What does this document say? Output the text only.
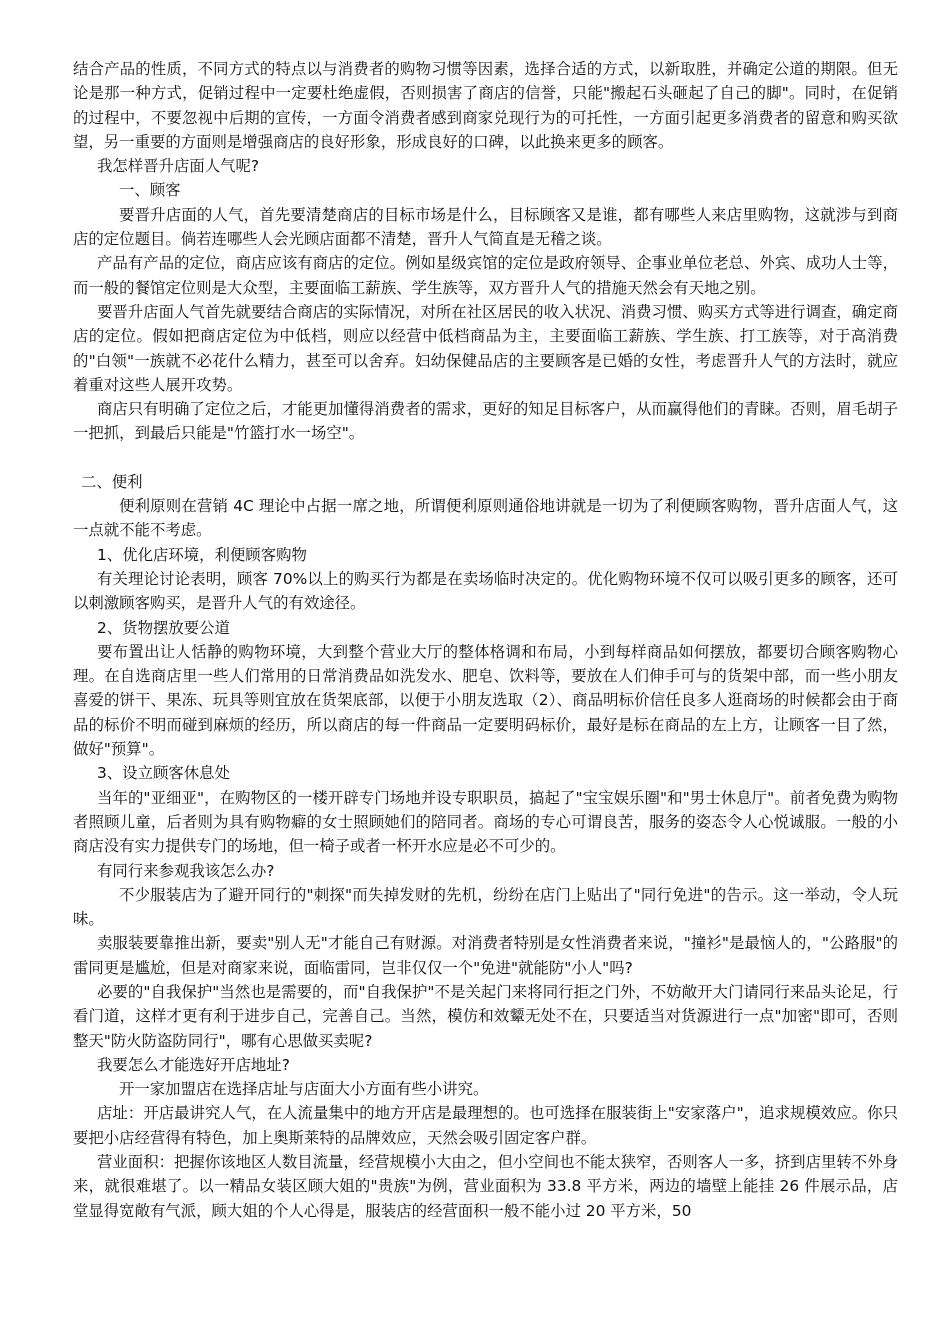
结合产品的性质，不同方式的特点以与消费者的购物习惯等因素，选择合适的方式，以新取胜，并确定公道的期限。但无论是那一种方式，促销过程中一定要杜绝虚假，否则损害了商店的信誉，只能"搬起石头砸起了自己的脚"。同时，在促销的过程中，不要忽视中后期的宣传，一方面令消费者感到商家兑现行为的可托性，一方面引起更多消费者的留意和购买欲望，另一重要的方面则是增强商店的良好形象，形成良好的口碑，以此换来更多的顾客。

我怎样晋升店面人气呢?
一、顾客

要晋升店面的人气，首先要清楚商店的目标市场是什么，目标顾客又是谁，都有哪些人来店里购物，这就涉与到商店的定位题目。倘若连哪些人会光顾店面都不清楚，晋升人气简直是无稽之谈。

产品有产品的定位，商店应该有商店的定位。例如星级宾馆的定位是政府领导、企事业单位老总、外宾、成功人士等，而一般的餐馆定位则是大众型，主要面临工薪族、学生族等，双方晋升人气的措施天然会有天地之别。

要晋升店面人气首先就要结合商店的实际情况，对所在社区居民的收入状况、消费习惯、购买方式等进行调查，确定商店的定位。假如把商店定位为中低档，则应以经营中低档商品为主，主要面临工薪族、学生族、打工族等，对于高消费的"白领"一族就不必花什么精力，甚至可以舍弃。妇幼保健品店的主要顾客是已婚的女性，考虑晋升人气的方法时，就应着重对这些人展开攻势。

商店只有明确了定位之后，才能更加懂得消费者的需求，更好的知足目标客户，从而赢得他们的青睐。否则，眉毛胡子一把抓，到最后只能是"竹篮打水一场空"。

二、便利

便利原则在营销 4C 理论中占据一席之地，所谓便利原则通俗地讲就是一切为了利便顾客购物，晋升店面人气，这一点就不能不考虑。

1、优化店环境，利便顾客购物

有关理论讨论表明，顾客 70%以上的购买行为都是在卖场临时决定的。优化购物环境不仅可以吸引更多的顾客，还可以刺激顾客购买，是晋升人气的有效途径。

2、货物摆放要公道

要布置出让人恬静的购物环境，大到整个营业大厅的整体格调和布局，小到每样商品如何摆放，都要切合顾客购物心理。在自选商店里一些人们常用的日常消费品如洗发水、肥皂、饮料等，要放在人们伸手可与的货架中部，而一些小朋友喜爱的饼干、果冻、玩具等则宜放在货架底部，以便于小朋友选取（2）、商品明标价信任良多人逛商场的时候都会由于商品的标价不明而碰到麻烦的经历，所以商店的每一件商品一定要明码标价，最好是标在商品的左上方，让顾客一目了然，做好"预算"。

3、设立顾客休息处

当年的"亚细亚"，在购物区的一楼开辟专门场地并设专职职员，搞起了"宝宝娱乐圈"和"男士休息厅"。前者免费为购物者照顾儿童，后者则为具有购物癖的女士照顾她们的陪同者。商场的专心可谓良苦，服务的姿态令人心悦诚服。一般的小商店没有实力提供专门的场地，但一椅子或者一杯开水应是必不可少的。

有同行来参观我该怎么办?

不少服装店为了避开同行的"刺探"而失掉发财的先机，纷纷在店门上贴出了"同行免进"的告示。这一举动，令人玩味。

卖服装要靠推出新，要卖"别人无"才能自己有财源。对消费者特别是女性消费者来说，"撞衫"是最恼人的，"公路服"的雷同更是尴尬，但是对商家来说，面临雷同，岂非仅仅一个"免进"就能防"小人"吗?

必要的"自我保护"当然也是需要的，而"自我保护"不是关起门来将同行拒之门外，不妨敞开大门请同行来品头论足，行看门道，这样才更有利于进步自己，完善自己。当然，模仿和效颦无处不在，只要适当对货源进行一点"加密"即可，否则整天"防火防盗防同行"，哪有心思做买卖呢?

我要怎么才能选好开店地址?

开一家加盟店在选择店址与店面大小方面有些小讲究。

店址：开店最讲究人气，在人流量集中的地方开店是最理想的。也可选择在服装街上"安家落户"，追求规模效应。你只要把小店经营得有特色，加上奥斯莱特的品牌效应，天然会吸引固定客户群。

营业面积：把握你该地区人数目流量，经营规模小大由之，但小空间也不能太狭窄，否则客人一多，挤到店里转不外身来，就很难堪了。以一精品女装区顾大姐的"贵族"为例，营业面积为 33.8 平方米，两边的墙壁上能挂 26 件展示品，店堂显得宽敞有气派，顾大姐的个人心得是，服装店的经营面积一般不能小过 20 平方米，50
